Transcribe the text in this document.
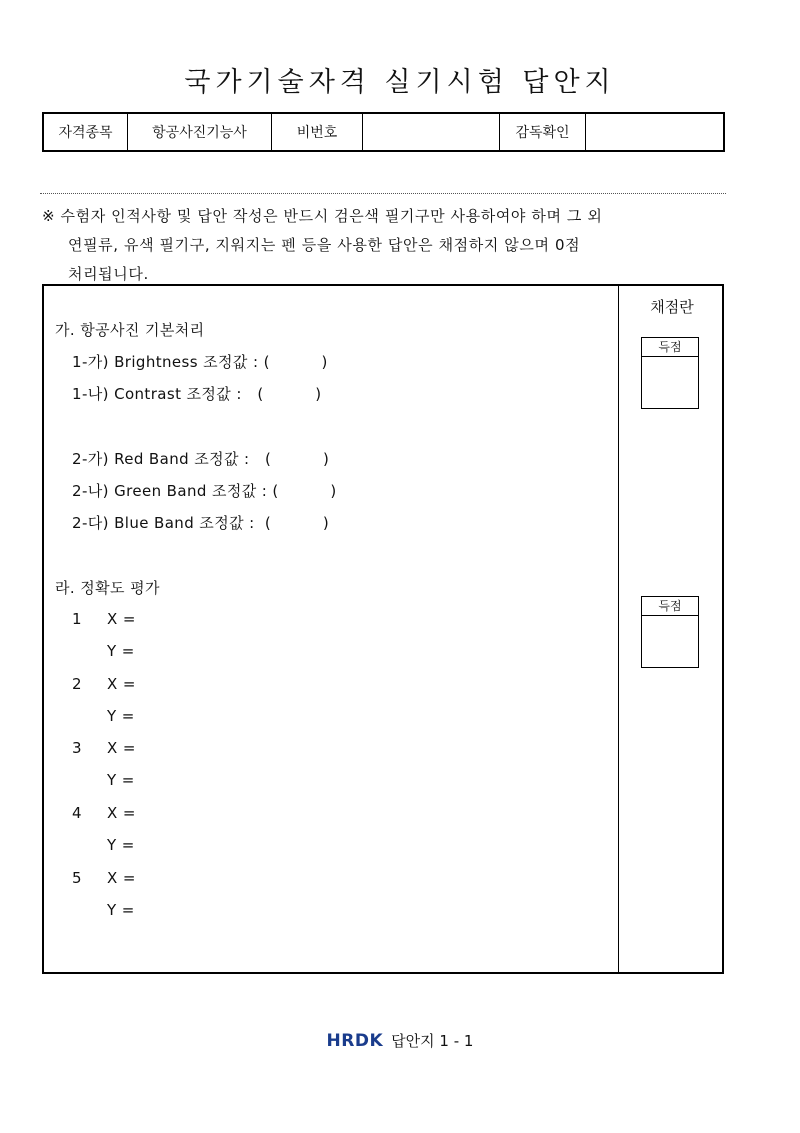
국가기술자격 실기시험 답안지
자격종목	항공사진기능사	비번호	감독확인
※ 수험자 인적사항 및 답안 작성은 반드시 검은색 필기구만 사용하여야 하며 그 외
연필류, 유색 필기구, 지워지는 펜 등을 사용한 답안은 채점하지 않으며 0점
처리됩니다.
채점란
득점
득점
가. 항공사진 기본처리
1-가) Brightness 조정값 : (          )
1-나) Contrast 조정값 :   (          )
2-가) Red Band 조정값 :   (          )
2-나) Green Band 조정값 : (          )
2-다) Blue Band 조정값 :  (          )
라. 정확도 평가
1 X =
Y =
2 X =
Y =
3 X =
Y =
4 X =
Y =
5 X =
Y =
HRDK 답안지 1 - 1
